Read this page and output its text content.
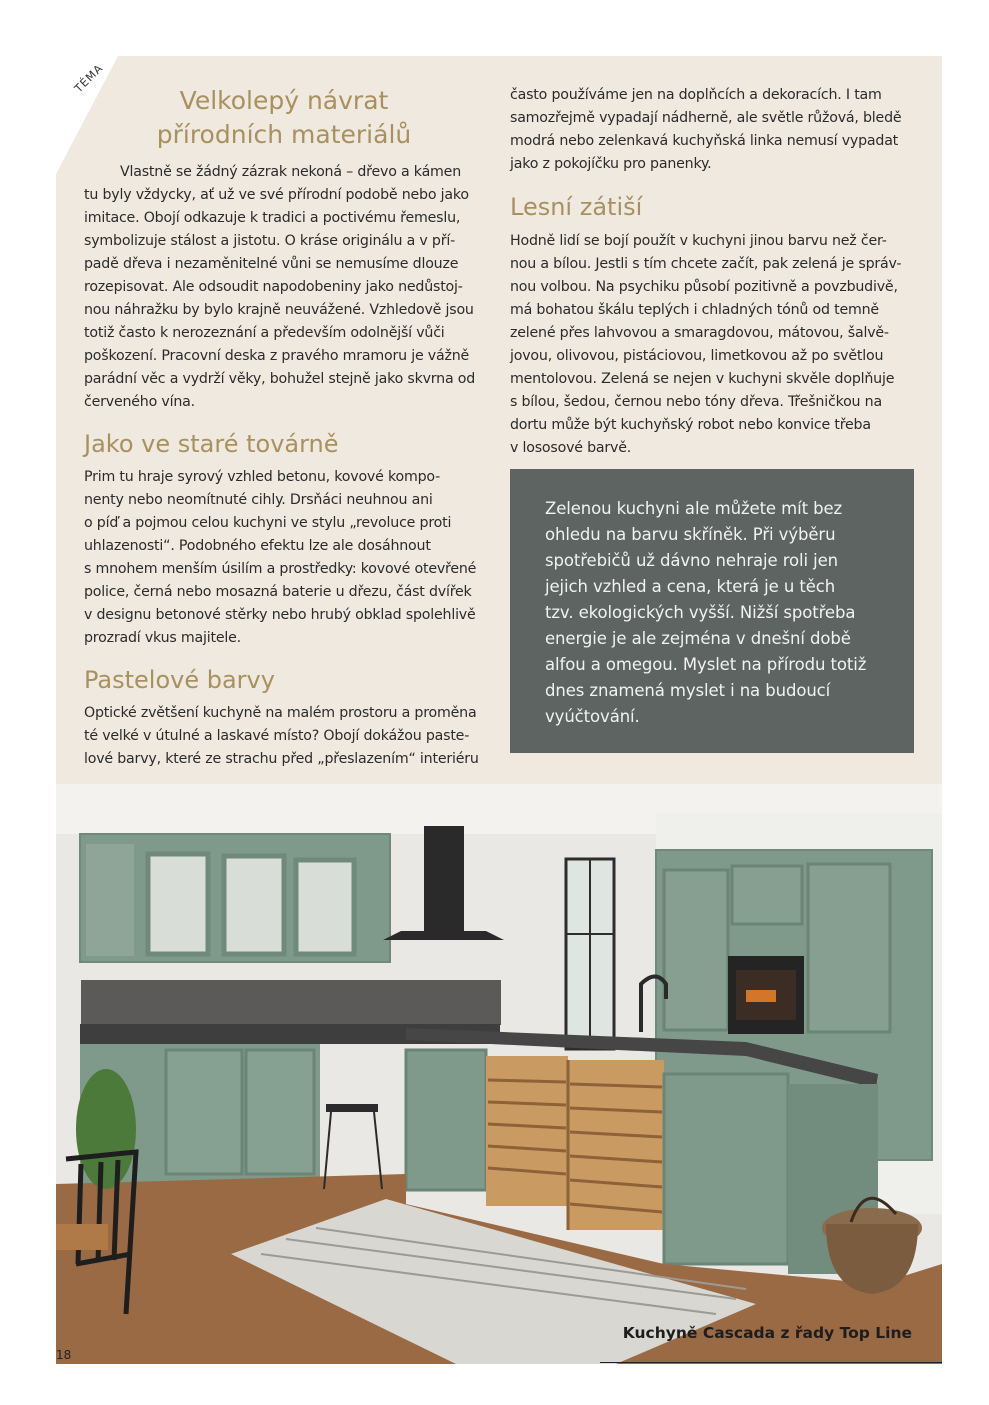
TÉMA
Velkolepý návrat
přírodních materiálů
Vlastně se žádný zázrak nekoná – dřevo a kámen
tu byly vždycky, ať už ve své přírodní podobě nebo jako
imitace. Obojí odkazuje k tradici a poctivému řemeslu,
symbolizuje stálost a jistotu. O kráse originálu a v pří-
padě dřeva i nezaměnitelné vůni se nemusíme dlouze
rozepisovat. Ale odsoudit napodobeniny jako nedůstoj-
nou náhražku by bylo krajně neuvážené. Vzhledově jsou
totiž často k nerozeznání a především odolnější vůči
poškození. Pracovní deska z pravého mramoru je vážně
parádní věc a vydrží věky, bohužel stejně jako skvrna od
červeného vína.
Jako ve staré továrně
Prim tu hraje syrový vzhled betonu, kovové kompo-
nenty nebo neomítnuté cihly. Drsňáci neuhnou ani
o píď a pojmou celou kuchyni ve stylu „revoluce proti
uhlazenosti“. Podobného efektu lze ale dosáhnout
s mnohem menším úsilím a prostředky: kovové otevřené
police, černá nebo mosazná baterie u dřezu, část dvířek
v designu betonové stěrky nebo hrubý obklad spolehlivě
prozradí vkus majitele.
Pastelové barvy
Optické zvětšení kuchyně na malém prostoru a proměna
té velké v útulné a laskavé místo? Obojí dokážou paste-
lové barvy, které ze strachu před „přeslazením“ interiéru
často používáme jen na doplňcích a dekoracích. I tam
samozřejmě vypadají nádherně, ale světle růžová, bledě
modrá nebo zelenkavá kuchyňská linka nemusí vypadat
jako z pokojíčku pro panenky.
Lesní zátiší
Hodně lidí se bojí použít v kuchyni jinou barvu než čer-
nou a bílou. Jestli s tím chcete začít, pak zelená je správ-
nou volbou. Na psychiku působí pozitivně a povzbudivě,
má bohatou škálu teplých i chladných tónů od temně
zelené přes lahvovou a smaragdovou, mátovou, šalvě-
jovou, olivovou, pistáciovou, limetkovou až po světlou
mentolovou. Zelená se nejen v kuchyni skvěle doplňuje
s bílou, šedou, černou nebo tóny dřeva. Třešničkou na
dortu může být kuchyňský robot nebo konvice třeba
v lososové barvě.
Zelenou kuchyni ale můžete mít bez
ohledu na barvu skříněk. Při výběru
spotřebičů už dávno nehraje roli jen
jejich vzhled a cena, která je u těch
tzv. ekologických vyšší. Nižší spotřeba
energie je ale zejména v dnešní době
alfou a omegou. Myslet na přírodu totiž
dnes znamená myslet i na budoucí
vyúčtování.
Kuchyně Cascada z řady Top Line
18
